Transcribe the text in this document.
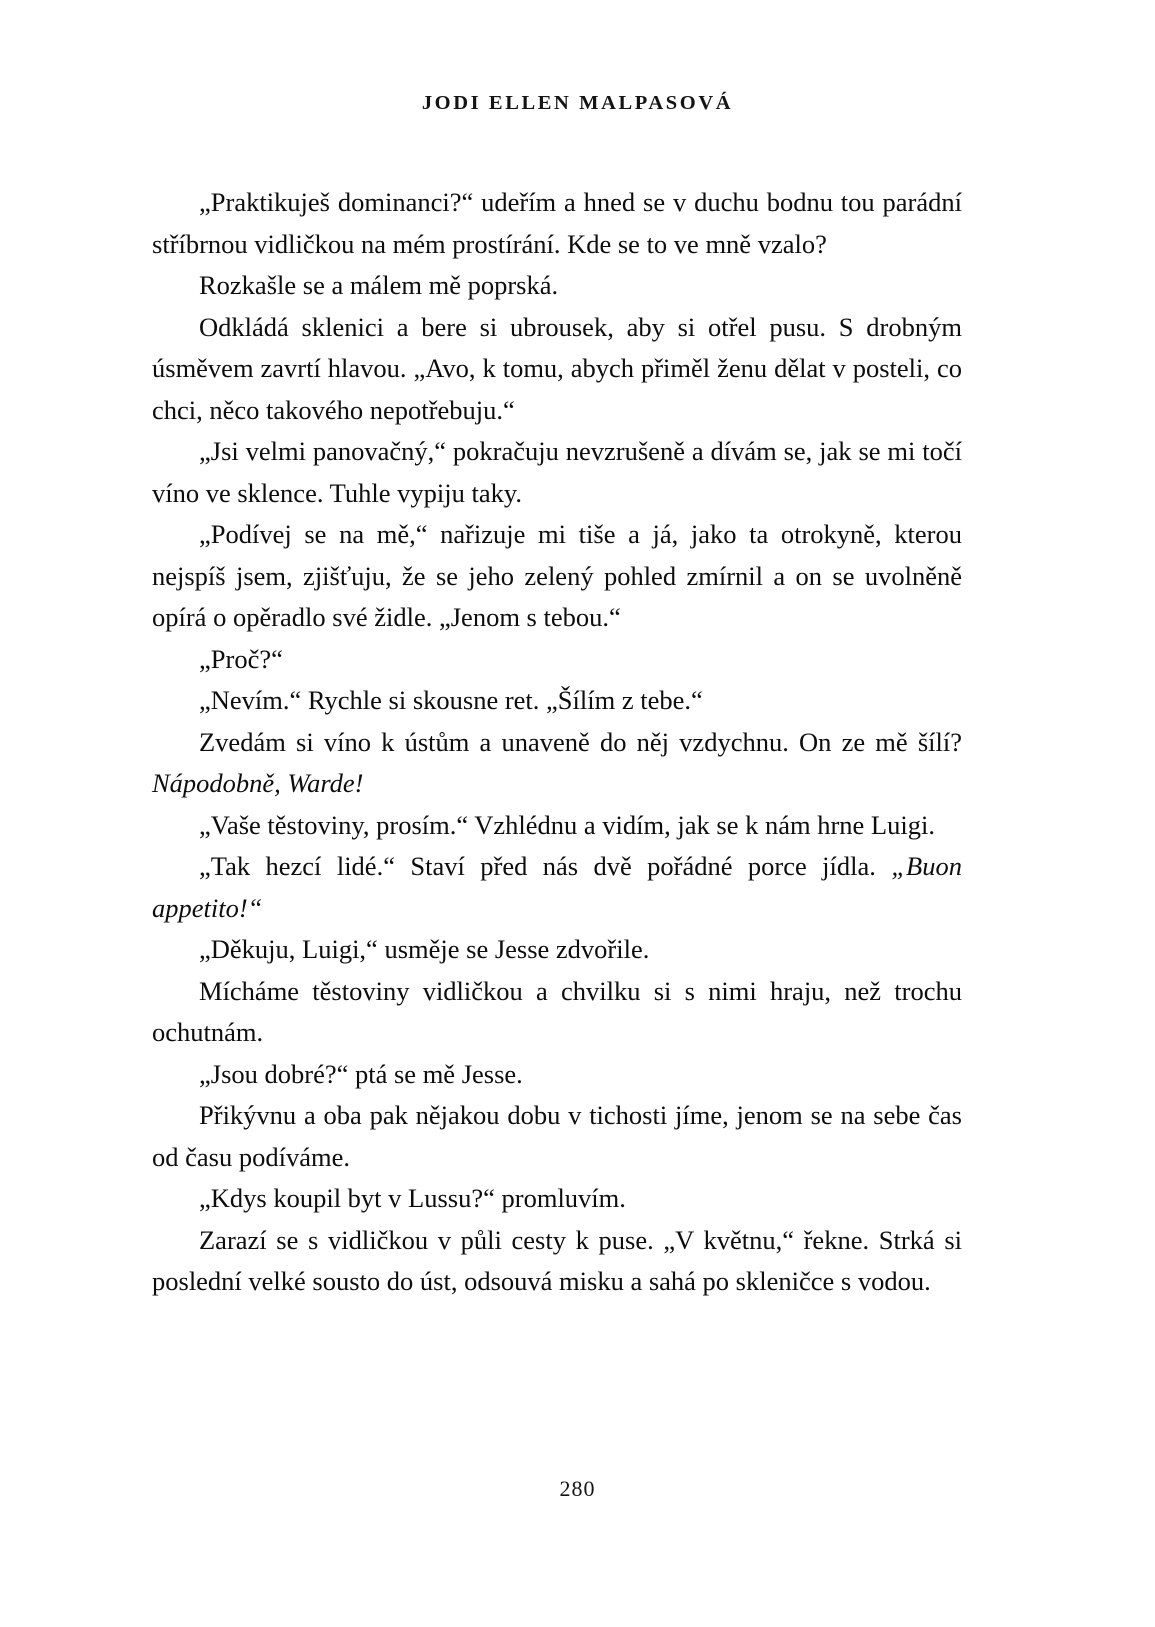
JODI ELLEN MALPASOVÁ

„Praktikuješ dominanci?“ udeřím a hned se v duchu bodnu tou parádní stříbrnou vidličkou na mém prostírání. Kde se to ve mně vzalo?

Rozkašle se a málem mě poprská.

Odkládá sklenici a bere si ubrousek, aby si otřel pusu. S drobným úsměvem zavrtí hlavou. „Avo, k tomu, abych přiměl ženu dělat v posteli, co chci, něco takového nepotřebuju.“

„Jsi velmi panovačný,“ pokračuju nevzrušeně a dívám se, jak se mi točí víno ve sklence. Tuhle vypiju taky.

„Podívej se na mě,“ nařizuje mi tiše a já, jako ta otrokyně, kterou nejspíš jsem, zjišťuju, že se jeho zelený pohled zmírnil a on se uvolněně opírá o opěradlo své židle. „Jenom s tebou.“

„Proč?“

„Nevím.“ Rychle si skousne ret. „Šílím z tebe.“

Zvedám si víno k ústům a unaveně do něj vzdychnu. On ze mě šílí? Nápodobně, Warde!

„Vaše těstoviny, prosím.“ Vzhlédnu a vidím, jak se k nám hrne Luigi.

„Tak hezcí lidé.“ Staví před nás dvě pořádné porce jídla. „Buon appetito!“

„Děkuju, Luigi,“ usměje se Jesse zdvořile.

Mícháme těstoviny vidličkou a chvilku si s nimi hraju, než trochu ochutnám.

„Jsou dobré?“ ptá se mě Jesse.

Přikývnu a oba pak nějakou dobu v tichosti jíme, jenom se na sebe čas od času podíváme.

„Kdys koupil byt v Lussu?“ promluvím.

Zarazí se s vidličkou v půli cesty k puse. „V květnu,“ řekne. Strká si poslední velké sousto do úst, odsouvá misku a sahá po skleničce s vodou.

280
